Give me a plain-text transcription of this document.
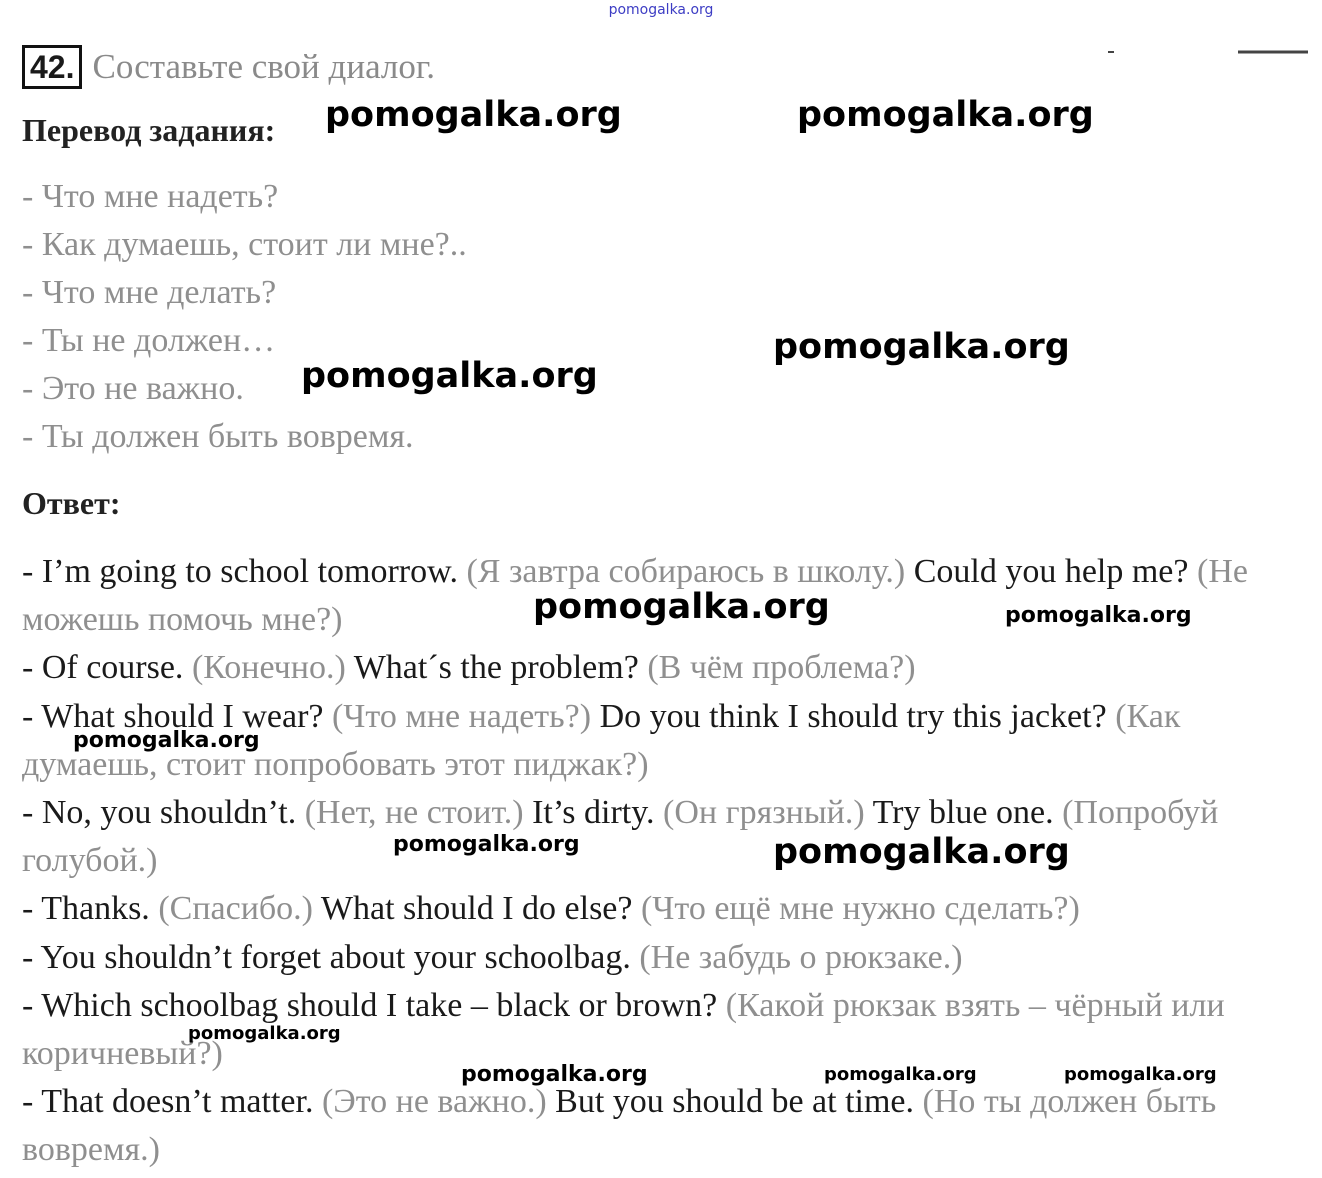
pomogalka.org
42. Составьте свой диалог.
Перевод задания:
- Что мне надеть?
- Как думаешь, стоит ли мне?..
- Что мне делать?
- Ты не должен…
- Это не важно.
- Ты должен быть вовремя.
Ответ:

- I’m going to school tomorrow. (Я завтра собираюсь в школу.) Could you help me? (Не можешь помочь мне?)

- Of course. (Конечно.) What´s the problem? (В чём проблема?)

- What should I wear? (Что мне надеть?) Do you think I should try this jacket? (Как думаешь, стоит попробовать этот пиджак?)

- No, you shouldn’t. (Нет, не стоит.) It’s dirty. (Он грязный.) Try blue one. (Попробуй голубой.)

- Thanks. (Спасибо.) What should I do else? (Что ещё мне нужно сделать?)

- You shouldn’t forget about your schoolbag. (Не забудь о рюкзаке.)

- Which schoolbag should I take – black or brown? (Какой рюкзак взять – чёрный или коричневый?)

- That doesn’t matter. (Это не важно.) But you should be at time. (Но ты должен быть вовремя.)

pomogalka.org	pomogalka.org
pomogalka.org
pomogalka.org
pomogalka.org	pomogalka.org
pomogalka.org
pomogalka.org	pomogalka.org
pomogalka.org
pomogalka.org	pomogalka.org	pomogalka.org
